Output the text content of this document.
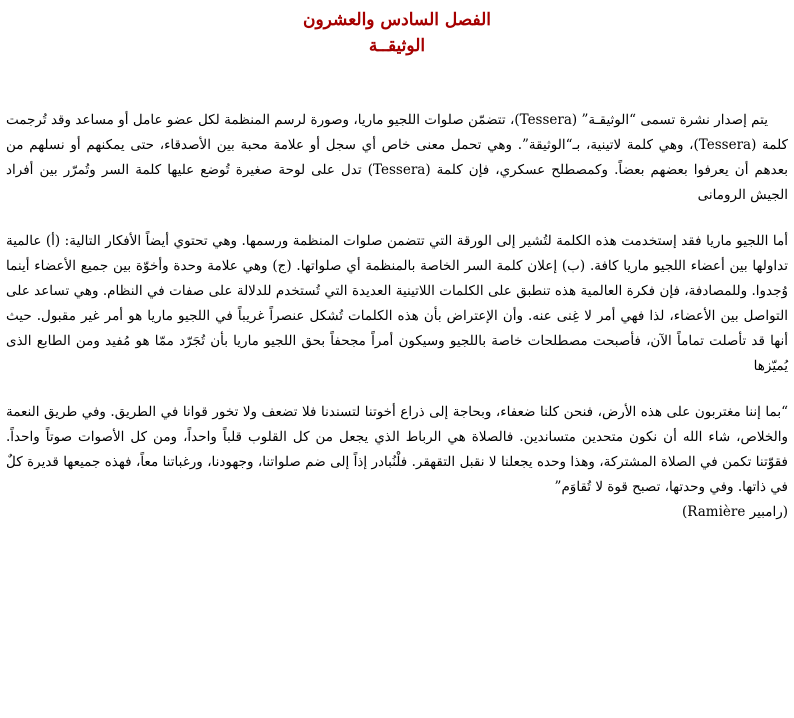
الفصل السادس والعشرون
الوثيقــة

يتم إصدار نشرة تسمى “الوثيقـة” (Tessera)، تتضمّن صلوات اللجيو ماريا، وصورة لرسم المنظمة لكل عضو عامل أو مساعد وقد تُرجمت كلمة (Tessera)، وهي كلمة لاتينية، بـ“الوثيقة”. وهي تحمل معنى خاص أي سجل أو علامة محبة بين الأصدقاء، حتى يمكنهم أو نسلهم من بعدهم أن يعرفوا بعضهم بعضاً. وكمصطلح عسكري، فإن كلمة (Tessera) تدل على لوحة صغيرة تُوضع عليها كلمة السر وتُمرّر بين أفراد الجيش الرومانى

أما اللجيو ماريا فقد إستخدمت هذه الكلمة لتُشير إلى الورقة التي تتضمن صلوات المنظمة ورسمها. وهي تحتوي أيضاً الأفكار التالية: (أ) عالمية تداولها بين أعضاء اللجيو ماريا كافة. (ب) إعلان كلمة السر الخاصة بالمنظمة أي صلواتها. (ج) وهي علامة وحدة وأخوّة بين جميع الأعضاء أينما وُجدوا. وللمصادفة، فإن فكرة العالمية هذه تنطبق على الكلمات اللاتينية العديدة التي تُستخدم للدلالة على صفات في النظام. وهي تساعد على التواصل بين الأعضاء، لذا فهي أمر لا غِنى عنه. وأن الإعتراض بأن هذه الكلمات تُشكل عنصراً غريباً في اللجيو ماريا هو أمر غير مقبول. حيث أنها قد تأصلت تماماً الآن، فأصبحت مصطلحات خاصة باللجيو وسيكون أمراً مجحفاً بحق اللجيو ماريا بأن تُجَرّد ممّا هو مُفيد ومن الطابع الذى يُميّزها

“بما إننا مغتربون على هذه الأرض، فنحن كلنا ضعفاء، وبحاجة إلى ذراع أخوتنا لتسندنا فلا تضعف ولا تخور قوانا في الطريق. وفي طريق النعمة والخلاص، شاء الله أن نكون متحدين متساندين. فالصلاة هي الرباط الذي يجعل من كل القلوب قلباً واحداً، ومن كل الأصوات صوتاً واحداً. فقوّتنا تكمن في الصلاة المشتركة، وهذا وحده يجعلنا لا نقبل التقهقر. فلْنُبادر إذاً إلى ضم صلواتنا، وجهودنا، ورغباتنا معاً، فهذه جميعها قديرة كلٌ في ذاتها. وفي وحدتها، تصبح قوة لا تُقاوَم”

(رامبير Ramière)
